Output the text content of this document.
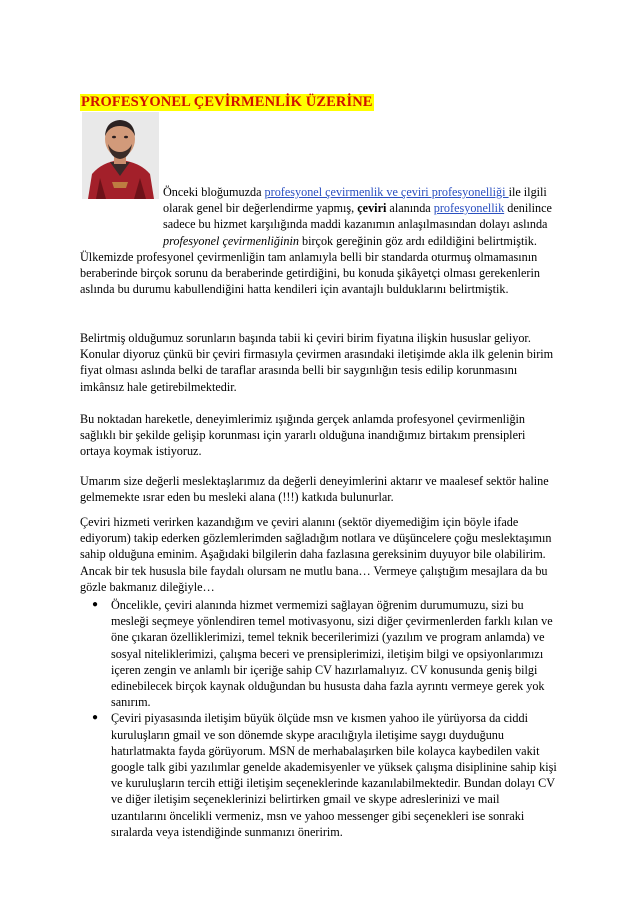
PROFESYONEL ÇEVİRMENLİK ÜZERİNE

Önceki bloğumuzda profesyonel çevirmenlik ve çeviri profesyonelliği ile ilgili olarak genel bir değerlendirme yapmış, çeviri alanında profesyonellik denilince sadece bu hizmet karşılığında maddi kazanımın anlaşılmasından dolayı aslında profesyonel çevirmenliğinin birçok gereğinin göz ardı edildiğini belirtmiştik.

Ülkemizde profesyonel çevirmenliğin tam anlamıyla belli bir standarda oturmuş olmamasının beraberinde birçok sorunu da beraberinde getirdiğini, bu konuda şikâyetçi olması gerekenlerin aslında bu durumu kabullendiğini hatta kendileri için avantajlı bulduklarını belirtmiştik.

Belirtmiş olduğumuz sorunların başında tabii ki çeviri birim fiyatına ilişkin hususlar geliyor. Konular diyoruz çünkü bir çeviri firmasıyla çevirmen arasındaki iletişimde akla ilk gelenin birim fiyat olması aslında belki de taraflar arasında belli bir saygınlığın tesis edilip korunmasını imkânsız hale getirebilmektedir.

Bu noktadan hareketle, deneyimlerimiz ışığında gerçek anlamda profesyonel çevirmenliğin sağlıklı bir şekilde gelişip korunması için yararlı olduğuna inandığımız birtakım prensipleri ortaya koymak istiyoruz.

Umarım size değerli meslektaşlarımız da değerli deneyimlerini aktarır ve maalesef sektör haline gelmemekte ısrar eden bu mesleki alana (!!!) katkıda bulunurlar.

Çeviri hizmeti verirken kazandığım ve çeviri alanını (sektör diyemediğim için böyle ifade ediyorum) takip ederken gözlemlerimden sağladığım notlara ve düşüncelere çoğu meslektaşımın sahip olduğuna eminim. Aşağıdaki bilgilerin daha fazlasına gereksinim duyuyor bile olabilirim. Ancak bir tek hususla bile faydalı olursam ne mutlu bana… Vermeye çalıştığım mesajlara da bu gözle bakmanız dileğiyle…

● Öncelikle, çeviri alanında hizmet vermemizi sağlayan öğrenim durumumuzu, sizi bu mesleği seçmeye yönlendiren temel motivasyonu, sizi diğer çevirmenlerden farklı kılan ve öne çıkaran özelliklerimizi, temel teknik becerilerimizi (yazılım ve program anlamda) ve sosyal niteliklerimizi, çalışma beceri ve prensiplerimizi, iletişim bilgi ve opsiyonlarımızı içeren zengin ve anlamlı bir içeriğe sahip CV hazırlamalıyız. CV konusunda geniş bilgi edinebilecek birçok kaynak olduğundan bu hususta daha fazla ayrıntı vermeye gerek yok sanırım.
● Çeviri piyasasında iletişim büyük ölçüde msn ve kısmen yahoo ile yürüyorsa da ciddi kuruluşların gmail ve son dönemde skype aracılığıyla iletişime saygı duyduğunu hatırlatmakta fayda görüyorum. MSN de merhabalaşırken bile kolayca kaybedilen vakit google talk gibi yazılımlar genelde akademisyenler ve yüksek çalışma disiplinine sahip kişi ve kuruluşların tercih ettiği iletişim seçeneklerinde kazanılabilmektedir. Bundan dolayı CV ve diğer iletişim seçeneklerinizi belirtirken gmail ve skype adreslerinizi ve mail uzantılarını öncelikli vermeniz, msn ve yahoo messenger gibi seçenekleri ise sonraki sıralarda veya istendiğinde sunmanızı öneririm.
